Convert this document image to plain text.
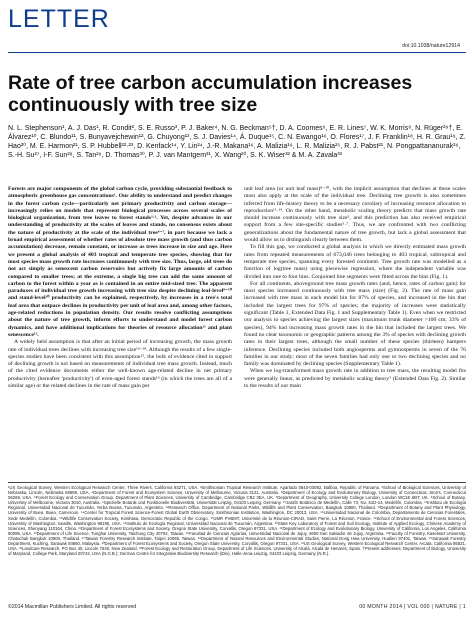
LETTER
doi:10.1038/nature12914
Rate of tree carbon accumulation increases continuously with tree size
N. L. Stephenson¹, A. J. Das¹, R. Condit², S. E. Russo³, P. J. Baker⁴, N. G. Beckman⁵†, D. A. Coomes⁶, E. R. Lines⁷, W. K. Morris⁸, N. Rüger²⁹†, E. Álvarez¹⁰, C. Blundo¹¹, S. Bunyavejchewin¹², G. Chuyong¹³, S. J. Davies¹⁴, Á. Duque¹⁵, C. N. Ewango¹⁶, O. Flores¹⁷, J. F. Franklin¹⁸, H. R. Grau¹⁹, Z. Hao²⁰, M. E. Harmon²¹, S. P. Hubbell²²·²³, D. Kenfack¹⁴, Y. Lin²⁴, J.-R. Makana¹⁶, A. Malizia¹⁹, L. R. Malizia²⁵, R. J. Pabst²¹, N. Pongpattananurak²⁶, S.-H. Su²⁷, I-F. Sun²⁸, S. Tan²⁹, D. Thomas³⁰, P. J. van Mantgem³¹, X. Wang²⁰, S. K. Wiser³² & M. A. Zavala³³

Forests are major components of the global carbon cycle, providing substantial feedback to atmospheric greenhouse gas concentrations¹. Our ability to understand and predict changes in the forest carbon cycle—particularly net primary productivity and carbon storage—increasingly relies on models that represent biological processes across several scales of biological organization, from tree leaves to forest stands²·³. Yet, despite advances in our understanding of productivity at the scales of leaves and stands, no consensus exists about the nature of productivity at the scale of the individual tree⁴⁻⁷, in part because we lack a broad empirical assessment of whether rates of absolute tree mass growth (and thus carbon accumulation) decrease, remain constant, or increase as trees increase in size and age. Here we present a global analysis of 403 tropical and temperate tree species, showing that for most species mass growth rate increases continuously with tree size. Thus, large, old trees do not act simply as senescent carbon reservoirs but actively fix large amounts of carbon compared to smaller trees; at the extreme, a single big tree can add the same amount of carbon to the forest within a year as is contained in an entire mid-sized tree. The apparent paradoxes of individual tree growth increasing with tree size despite declining leaf-level⁸⁻¹⁰ and stand-level¹⁰ productivity can be explained, respectively, by increases in a tree's total leaf area that outpace declines in productivity per unit of leaf area and, among other factors, age-related reductions in population density. Our results resolve conflicting assumptions about the nature of tree growth, inform efforts to understand and model forest carbon dynamics, and have additional implications for theories of resource allocation¹¹ and plant senescence¹².

A widely held assumption is that after an initial period of increasing growth, the mass growth rate of individual trees declines with increasing tree size¹³⁻¹⁸. Although the results of a few single-species studies have been consistent with this assumption¹⁵, the bulk of evidence cited in support of declining growth is not based on measurements of individual tree mass growth. Instead, much of the cited evidence documents either the well-known age-related decline in net primary productivity (hereafter 'productivity') of even-aged forest stands¹³ (in which the trees are all of a similar age) or the related declines in the rate of mass gain per

unit leaf area (or unit leaf mass)⁸⁻¹⁰, with the implicit assumption that declines at these scales must also apply at the scale of the individual tree. Declining tree growth is also sometimes inferred from life-history theory to be a necessary corollary of increasing resource allocation to reproduction¹¹·¹⁴. On the other hand, metabolic scaling theory predicts that mass growth rate should increase continuously with tree size⁵, and this prediction has also received empirical support from a few site-specific studies⁵·⁷. Thus, we are confronted with two conflicting generalizations about the fundamental nature of tree growth, but lack a global assessment that would allow us to distinguish clearly between them.

To fill this gap, we conducted a global analysis in which we directly estimated mass growth rates from repeated measurements of 673,046 trees belonging to 403 tropical, subtropical and temperate tree species, spanning every forested continent. Tree growth rate was modelled as a function of log(tree mass) using piecewise regression, where the independent variable was divided into one to four bins. Conjoined line segments were fitted across the bins (Fig. 1).

For all continents, aboveground tree mass growth rates (and, hence, rates of carbon gain) for most species increased continuously with tree mass (size) (Fig. 2). The rate of mass gain increased with tree mass in each model bin for 87% of species, and increased in the bin that included the largest trees for 97% of species; the majority of increases were statistically significant (Table 1, Extended Data Fig. 1 and Supplementary Table 1). Even when we restricted our analysis to species achieving the largest sizes (maximum trunk diameter >100 cm; 33% of species), 94% had increasing mass growth rates in the bin that included the largest trees. We found no clear taxonomic or geographic patterns among the 3% of species with declining growth rates in their largest trees, although the small number of these species (thirteen) hampers inference. Declining species included both angiosperms and gymnosperms in seven of the 76 families in our study; most of the seven families had only one or two declining species and no family was dominated by declining species (Supplementary Table 1).

When we log-transformed mass growth rate in addition to tree mass, the resulting model fits were generally linear, as predicted by metabolic scaling theory⁵ (Extended Data Fig. 2). Similar to the results of our main

¹US Geological Survey, Western Ecological Research Center, Three Rivers, California 93271, USA. ²Smithsonian Tropical Research Institute, Apartado 0843-03092, Balboa, Republic of Panama. ³School of Biological Sciences, University of Nebraska, Lincoln, Nebraska 68588, USA. ⁴Department of Forest and Ecosystem Science, University of Melbourne, Victoria 3121, Australia. ⁵Department of Ecology and Evolutionary Biology, University of Connecticut, Storrs, Connecticut 06269, USA. ⁶Forest Ecology and Conservation Group, Department of Plant Sciences, University of Cambridge, Cambridge CB2 3EA, UK. ⁷Department of Geography, University College London, London WC1E 6BT, UK. ⁸School of Botany, University of Melbourne, Victoria 3010, Australia. ⁹Spezielle Botanik und Funktionelle Biodiversität, Universität Leipzig, 04103 Leipzig, Germany. ¹⁰Jardín Botánico de Medellín, Calle 73, No. 51D-14, Medellín, Colombia. ¹¹Instituto de Ecología Regional, Universidad Nacional de Tucumán, Yerba Buena, Tucumán, Argentina. ¹²Research Office, Department of National Parks, Wildlife and Plant Conservation, Bangkok 10900, Thailand. ¹³Department of Botany and Plant Physiology, University of Buea, Buea, Cameroon. ¹⁴Center for Tropical Forest Science-Forest Global Earth Observatory, Smithsonian Institution, Washington, DC 20013, USA. ¹⁵Universidad Nacional de Colombia, Departamento de Ciencias Forestales, Sede Medellín, Colombia. ¹⁶Wildlife Conservation Society, Kinshasa, Democratic Republic of the Congo. ¹⁷UMR PVBMT, Université de la Réunion-CIRAD, Saint Pierre, La Réunion, France. ¹⁸School of Environmental and Forest Sciences, University of Washington, Seattle, Washington 98195, USA. ¹⁹Instituto de Ecología Regional, Universidad Nacional de Tucumán, Argentina. ²⁰State Key Laboratory of Forest and Soil Ecology, Institute of Applied Ecology, Chinese Academy of Sciences, Shenyang 110164, China. ²¹Department of Forest Ecosystems and Society, Oregon State University, Corvallis, Oregon 97331, USA. ²²Department of Ecology and Evolutionary Biology, University of California, Los Angeles, California 90095, USA. ²³Department of Life Science, Tunghai University, Taichung City 40704, Taiwan. ²⁵Facultad de Ciencias Agrarias, Universidad Nacional de Jujuy, 4600 San Salvador de Jujuy, Argentina. ²⁶Faculty of Forestry, Kasetsart University, Chatuchak Bangkok 10900, Thailand. ²⁷Taiwan Forestry Research Institute, Taipei 10066, Taiwan. ²⁸Department of Natural Resources and Environmental Studies, National Dong Hwa University, Hualien 97401, Taiwan. ²⁹Sarawak Forestry Department, Kuching, Sarawak 93660, Malaysia. ³⁰Department of Forest Ecosystems and Society, Oregon State University, Corvallis, Oregon 97331, USA. ³¹US Geological Survey, Western Ecological Research Center, Arcata, California 95521, USA. ³²Landcare Research, PO Box 40, Lincoln 7640, New Zealand. ³³Forest Ecology and Restoration Group, Department of Life Sciences, University of Alcalá, Alcalá de Henares, Spain. †Present addresses: Department of Biology, University of Maryland, College Park, Maryland 20742, USA (N.G.B.); German Centre for Integrative Biodiversity Research (iDiv), Halle-Jena-Leipzig, 04103 Leipzig, Germany (N.R.).
©2014 Macmillan Publishers Limited. All rights reserved	00 MONTH 2014 | VOL 000 | NATURE | 1
